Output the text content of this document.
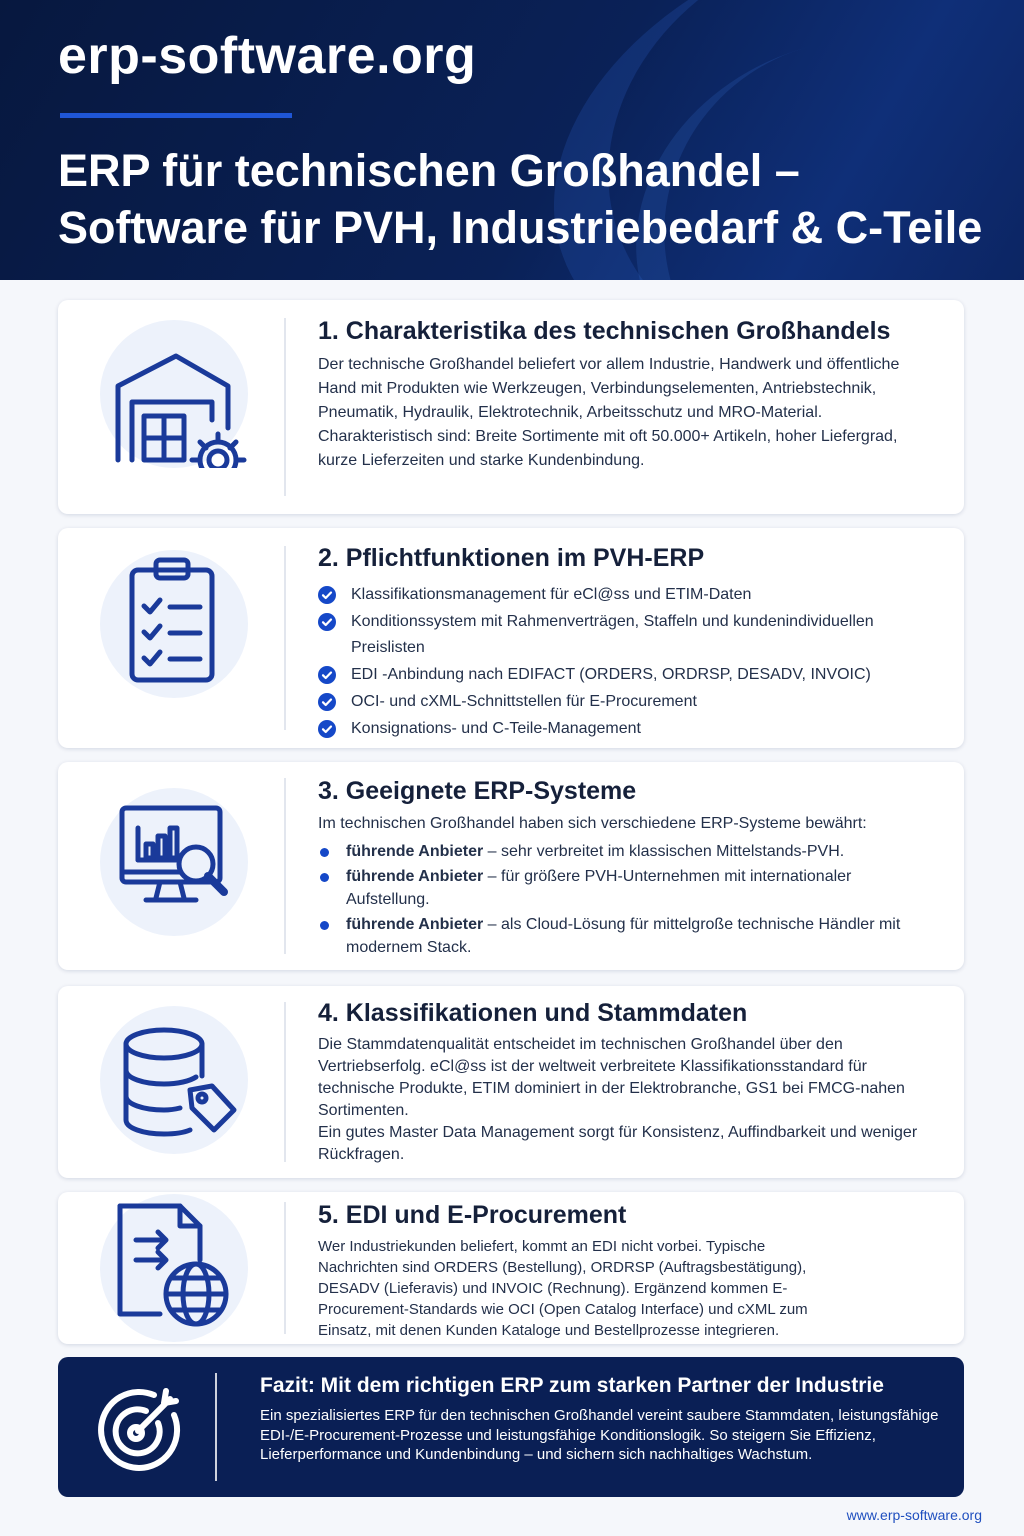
erp-software.org
ERP für technischen Großhandel – Software für PVH, Industriebedarf & C-Teile
1. Charakteristika des technischen Großhandels

Der technische Großhandel beliefert vor allem Industrie, Handwerk und öffentliche Hand mit Produkten wie Werkzeugen, Verbindungselementen, Antriebstechnik, Pneumatik, Hydraulik, Elektrotechnik, Arbeitsschutz und MRO-Material.

Charakteristisch sind: Breite Sortimente mit oft 50.000+ Artikeln, hoher Liefergrad, kurze Lieferzeiten und starke Kundenbindung.

2. Pflichtfunktionen im PVH-ERP
Klassifikationsmanagement für eCl@ss und ETIM-Daten
Konditionssystem mit Rahmenverträgen, Staffeln und kundenindividuellen Preislisten
EDI -Anbindung nach EDIFACT (ORDERS, ORDRSP, DESADV, INVOIC)
OCI- und cXML-Schnittstellen für E-Procurement
Konsignations- und C-Teile-Management
3. Geeignete ERP-Systeme

Im technischen Großhandel haben sich verschiedene ERP-Systeme bewährt:

führende Anbieter – sehr verbreitet im klassischen Mittelstands-PVH.
führende Anbieter – für größere PVH-Unternehmen mit internationaler Aufstellung.
führende Anbieter – als Cloud-Lösung für mittelgroße technische Händler mit modernem Stack.
4. Klassifikationen und Stammdaten

Die Stammdatenqualität entscheidet im technischen Großhandel über den Vertriebserfolg. eCl@ss ist der weltweit verbreitete Klassifikationsstandard für technische Produkte, ETIM dominiert in der Elektrobranche, GS1 bei FMCG-nahen Sortimenten.

Ein gutes Master Data Management sorgt für Konsistenz, Auffindbarkeit und weniger Rückfragen.

5. EDI und E-Procurement

Wer Industriekunden beliefert, kommt an EDI nicht vorbei. Typische Nachrichten sind ORDERS (Bestellung), ORDRSP (Auftragsbestätigung), DESADV (Lieferavis) und INVOIC (Rechnung). Ergänzend kommen E-Procurement-Standards wie OCI (Open Catalog Interface) und cXML zum Einsatz, mit denen Kunden Kataloge und Bestellprozesse integrieren.

Fazit: Mit dem richtigen ERP zum starken Partner der Industrie
Ein spezialisiertes ERP für den technischen Großhandel vereint saubere Stammdaten, leistungsfähige EDI-/E-Procurement-Prozesse und leistungsfähige Konditionslogik. So steigern Sie Effizienz, Lieferperformance und Kundenbindung – und sichern sich nachhaltiges Wachstum.
www.erp-software.org
